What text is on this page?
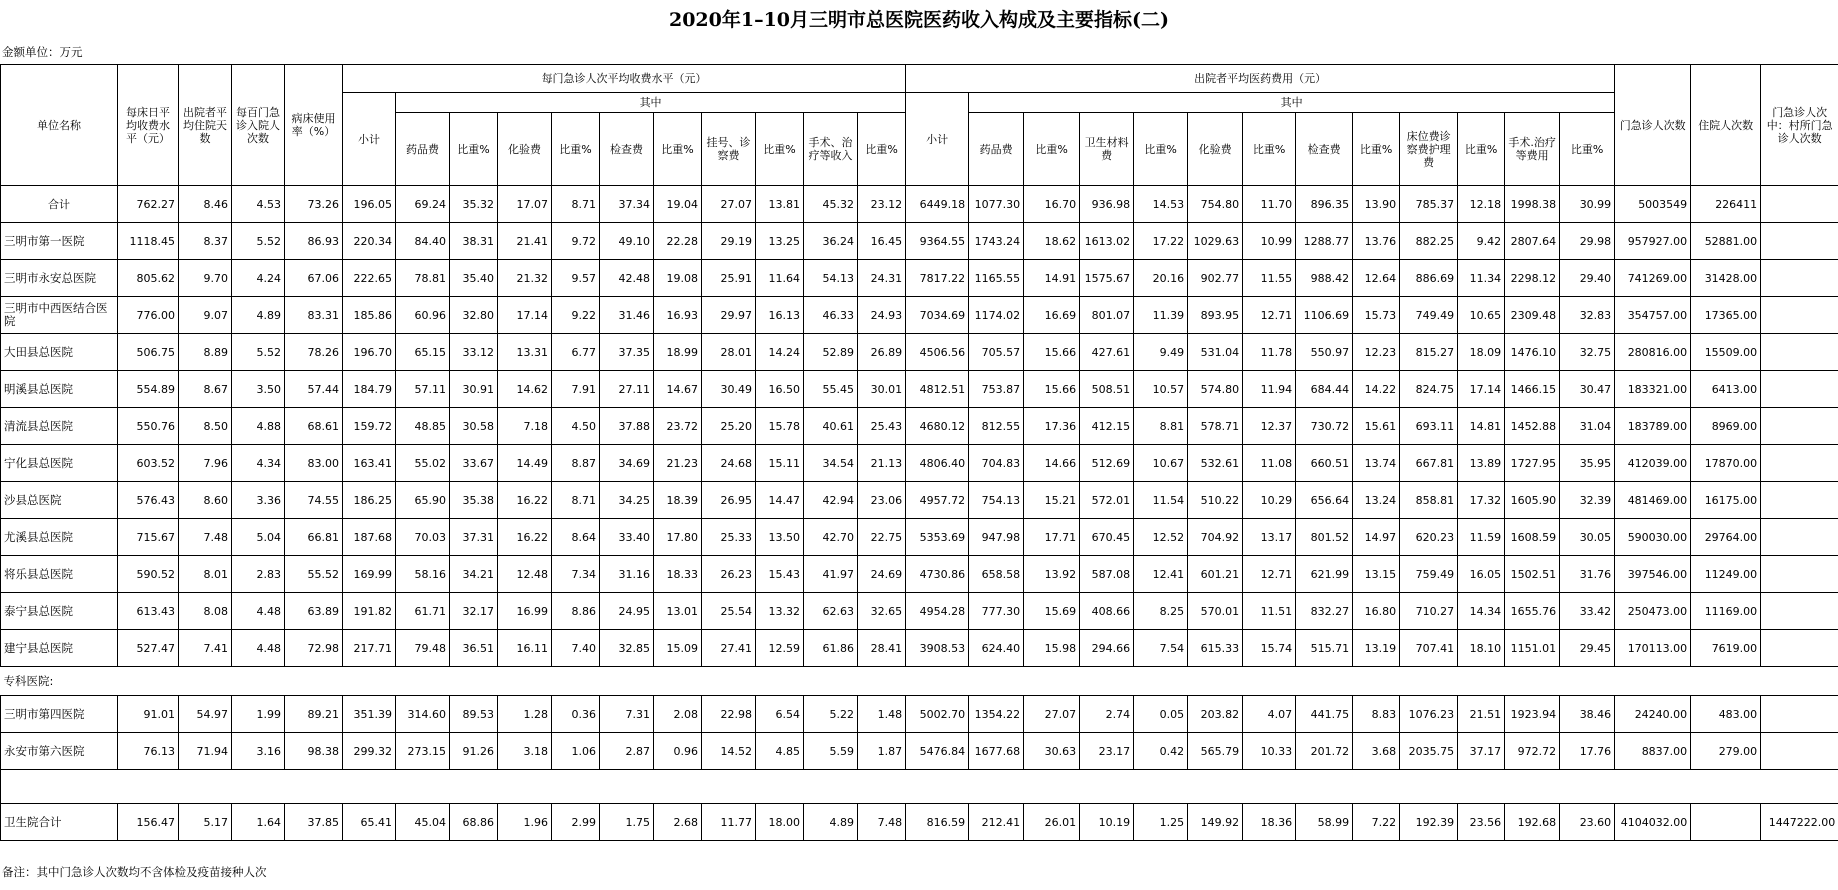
2020年1–10月三明市总医院医药收入构成及主要指标(二)
金额单位：万元
单位名称	每床日平均收费水平（元）	出院者平均住院天数	每百门急诊入院人次数	病床使用率（%）	每门急诊人次平均收费水平（元）											出院者平均医药费用（元）													门急诊人次数	住院人次数	门急诊人次中：村所门急诊人次数
					小计	其中										小计	其中														
						药品费	比重%	化验费	比重%	检查费	比重%	挂号、诊察费	比重%	手术、治疗等收入	比重%		药品费	比重%	卫生材料费	比重%	化验费	比重%	检查费	比重%	床位费诊察费护理费	比重%	手术.治疗等费用	比重%			
合计	762.27	8.46	4.53	73.26	196.05	69.24	35.32	17.07	8.71	37.34	19.04	27.07	13.81	45.32	23.12	6449.18	1077.30	16.70	936.98	14.53	754.80	11.70	896.35	13.90	785.37	12.18	1998.38	30.99	5003549	226411	
三明市第一医院	1118.45	8.37	5.52	86.93	220.34	84.40	38.31	21.41	9.72	49.10	22.28	29.19	13.25	36.24	16.45	9364.55	1743.24	18.62	1613.02	17.22	1029.63	10.99	1288.77	13.76	882.25	9.42	2807.64	29.98	957927.00	52881.00	
三明市永安总医院	805.62	9.70	4.24	67.06	222.65	78.81	35.40	21.32	9.57	42.48	19.08	25.91	11.64	54.13	24.31	7817.22	1165.55	14.91	1575.67	20.16	902.77	11.55	988.42	12.64	886.69	11.34	2298.12	29.40	741269.00	31428.00	
三明市中西医结合医院	776.00	9.07	4.89	83.31	185.86	60.96	32.80	17.14	9.22	31.46	16.93	29.97	16.13	46.33	24.93	7034.69	1174.02	16.69	801.07	11.39	893.95	12.71	1106.69	15.73	749.49	10.65	2309.48	32.83	354757.00	17365.00	
大田县总医院	506.75	8.89	5.52	78.26	196.70	65.15	33.12	13.31	6.77	37.35	18.99	28.01	14.24	52.89	26.89	4506.56	705.57	15.66	427.61	9.49	531.04	11.78	550.97	12.23	815.27	18.09	1476.10	32.75	280816.00	15509.00	
明溪县总医院	554.89	8.67	3.50	57.44	184.79	57.11	30.91	14.62	7.91	27.11	14.67	30.49	16.50	55.45	30.01	4812.51	753.87	15.66	508.51	10.57	574.80	11.94	684.44	14.22	824.75	17.14	1466.15	30.47	183321.00	6413.00	
清流县总医院	550.76	8.50	4.88	68.61	159.72	48.85	30.58	7.18	4.50	37.88	23.72	25.20	15.78	40.61	25.43	4680.12	812.55	17.36	412.15	8.81	578.71	12.37	730.72	15.61	693.11	14.81	1452.88	31.04	183789.00	8969.00	
宁化县总医院	603.52	7.96	4.34	83.00	163.41	55.02	33.67	14.49	8.87	34.69	21.23	24.68	15.11	34.54	21.13	4806.40	704.83	14.66	512.69	10.67	532.61	11.08	660.51	13.74	667.81	13.89	1727.95	35.95	412039.00	17870.00	
沙县总医院	576.43	8.60	3.36	74.55	186.25	65.90	35.38	16.22	8.71	34.25	18.39	26.95	14.47	42.94	23.06	4957.72	754.13	15.21	572.01	11.54	510.22	10.29	656.64	13.24	858.81	17.32	1605.90	32.39	481469.00	16175.00	
尤溪县总医院	715.67	7.48	5.04	66.81	187.68	70.03	37.31	16.22	8.64	33.40	17.80	25.33	13.50	42.70	22.75	5353.69	947.98	17.71	670.45	12.52	704.92	13.17	801.52	14.97	620.23	11.59	1608.59	30.05	590030.00	29764.00	
将乐县总医院	590.52	8.01	2.83	55.52	169.99	58.16	34.21	12.48	7.34	31.16	18.33	26.23	15.43	41.97	24.69	4730.86	658.58	13.92	587.08	12.41	601.21	12.71	621.99	13.15	759.49	16.05	1502.51	31.76	397546.00	11249.00	
泰宁县总医院	613.43	8.08	4.48	63.89	191.82	61.71	32.17	16.99	8.86	24.95	13.01	25.54	13.32	62.63	32.65	4954.28	777.30	15.69	408.66	8.25	570.01	11.51	832.27	16.80	710.27	14.34	1655.76	33.42	250473.00	11169.00	
建宁县总医院	527.47	7.41	4.48	72.98	217.71	79.48	36.51	16.11	7.40	32.85	15.09	27.41	12.59	61.86	28.41	3908.53	624.40	15.98	294.66	7.54	615.33	15.74	515.71	13.19	707.41	18.10	1151.01	29.45	170113.00	7619.00	
专科医院:																															
三明市第四医院	91.01	54.97	1.99	89.21	351.39	314.60	89.53	1.28	0.36	7.31	2.08	22.98	6.54	5.22	1.48	5002.70	1354.22	27.07	2.74	0.05	203.82	4.07	441.75	8.83	1076.23	21.51	1923.94	38.46	24240.00	483.00	
永安市第六医院	76.13	71.94	3.16	98.38	299.32	273.15	91.26	3.18	1.06	2.87	0.96	14.52	4.85	5.59	1.87	5476.84	1677.68	30.63	23.17	0.42	565.79	10.33	201.72	3.68	2035.75	37.17	972.72	17.76	8837.00	279.00	

卫生院合计	156.47	5.17	1.64	37.85	65.41	45.04	68.86	1.96	2.99	1.75	2.68	11.77	18.00	4.89	7.48	816.59	212.41	26.01	10.19	1.25	149.92	18.36	58.99	7.22	192.39	23.56	192.68	23.60	4104032.00		1447222.00
备注：其中门急诊人次数均不含体检及疫苗接种人次
